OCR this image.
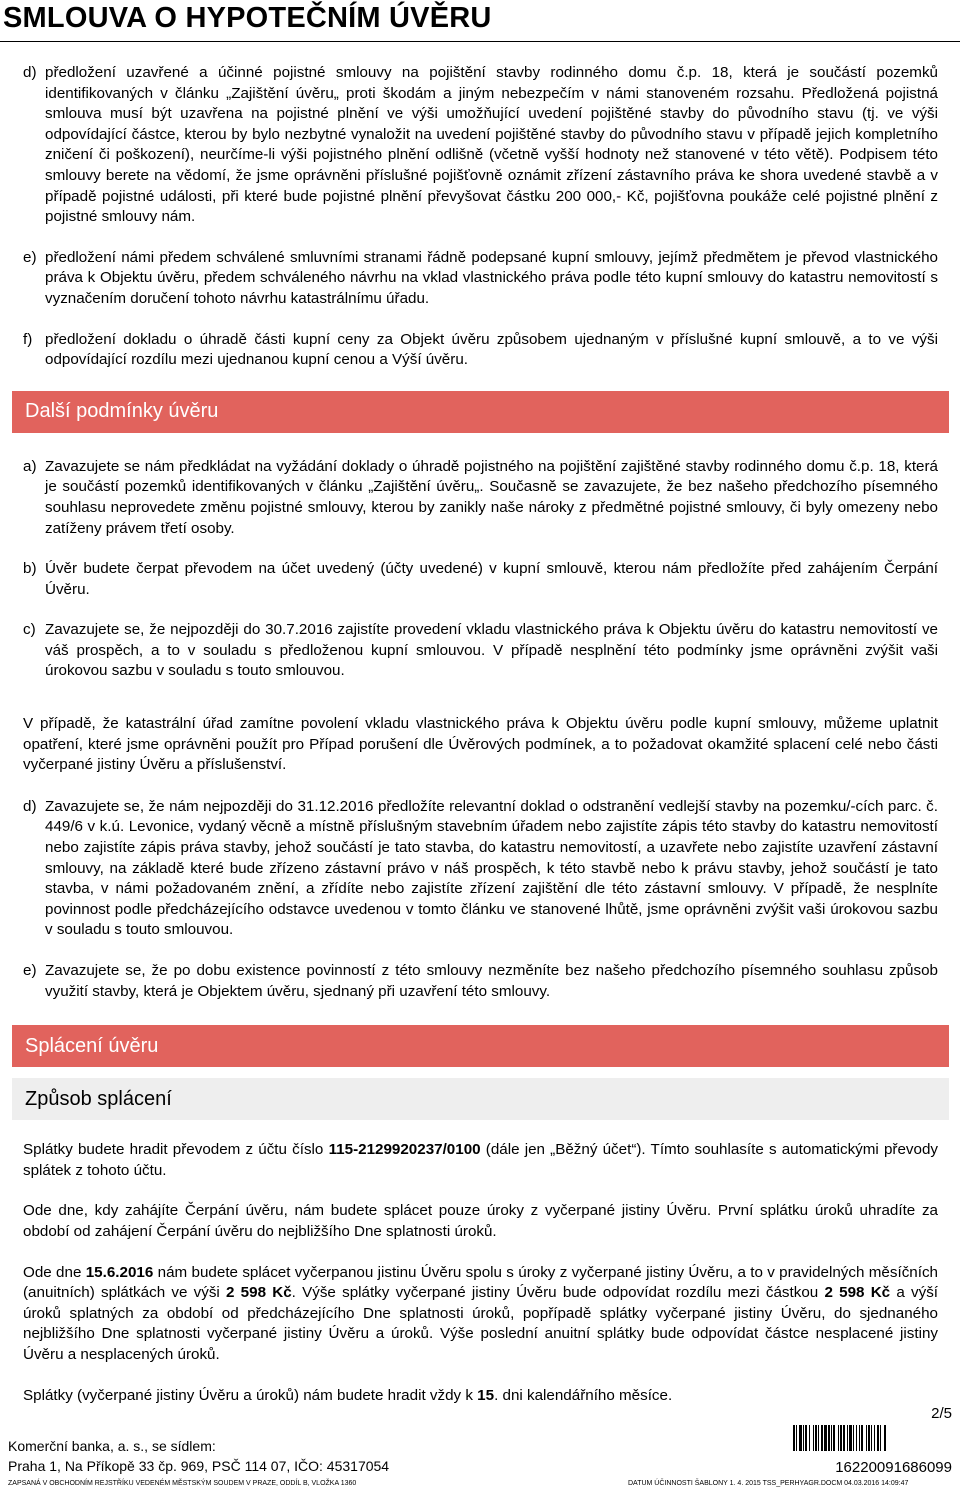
SMLOUVA O HYPOTEČNÍM ÚVĚRU
d) předložení uzavřené a účinné pojistné smlouvy na pojištění stavby rodinného domu č.p. 18, která je součástí pozemků identifikovaných v článku „Zajištění úvěru„ proti škodám a jiným nebezpečím v námi stanoveném rozsahu. Předložená pojistná smlouva musí být uzavřena na pojistné plnění ve výši umožňující uvedení pojištěné stavby do původního stavu (tj. ve výši odpovídající částce, kterou by bylo nezbytné vynaložit na uvedení pojištěné stavby do původního stavu v případě jejich kompletního zničení či poškození), neurčíme-li výši pojistného plnění odlišně (včetně vyšší hodnoty než stanovené v této větě). Podpisem této smlouvy berete na vědomí, že jsme oprávněni příslušné pojišťovně oznámit zřízení zástavního práva ke shora uvedené stavbě a v případě pojistné události, při které bude pojistné plnění převyšovat částku 200 000,- Kč, pojišťovna poukáže celé pojistné plnění z pojistné smlouvy nám.

e) předložení námi předem schválené smluvními stranami řádně podepsané kupní smlouvy, jejímž předmětem je převod vlastnického práva k Objektu úvěru, předem schváleného návrhu na vklad vlastnického práva podle této kupní smlouvy do katastru nemovitostí s vyznačením doručení tohoto návrhu katastrálnímu úřadu.

f) předložení dokladu o úhradě části kupní ceny za Objekt úvěru způsobem ujednaným v příslušné kupní smlouvě, a to ve výši odpovídající rozdílu mezi ujednanou kupní cenou a Výší úvěru.

Další podmínky úvěru
a) Zavazujete se nám předkládat na vyžádání doklady o úhradě pojistného na pojištění zajištěné stavby rodinného domu č.p. 18, která je součástí pozemků identifikovaných v článku „Zajištění úvěru„. Současně se zavazujete, že bez našeho předchozího písemného souhlasu neprovedete změnu pojistné smlouvy, kterou by zanikly naše nároky z předmětné pojistné smlouvy, či byly omezeny nebo zatíženy právem třetí osoby.

b) Úvěr budete čerpat převodem na účet uvedený (účty uvedené) v kupní smlouvě, kterou nám předložíte před zahájením Čerpání Úvěru.

c) Zavazujete se, že nejpozději do 30.7.2016 zajistíte provedení vkladu vlastnického práva k Objektu úvěru do katastru nemovitostí ve váš prospěch, a to v souladu s předloženou kupní smlouvou. V případě nesplnění této podmínky jsme oprávněni zvýšit vaši úrokovou sazbu v souladu s touto smlouvou.

V případě, že katastrální úřad zamítne povolení vkladu vlastnického práva k Objektu úvěru podle kupní smlouvy, můžeme uplatnit opatření, které jsme oprávněni použít pro Případ porušení dle Úvěrových podmínek, a to požadovat okamžité splacení celé nebo části vyčerpané jistiny Úvěru a příslušenství.

d) Zavazujete se, že nám nejpozději do 31.12.2016 předložíte relevantní doklad o odstranění vedlejší stavby na pozemku/-cích parc. č. 449/6 v k.ú. Levonice, vydaný věcně a místně příslušným stavebním úřadem nebo zajistíte zápis této stavby do katastru nemovitostí nebo zajistíte zápis práva stavby, jehož součástí je tato stavba, do katastru nemovitostí, a uzavřete nebo zajistíte uzavření zástavní smlouvy, na základě které bude zřízeno zástavní právo v náš prospěch, k této stavbě nebo k právu stavby, jehož součástí je tato stavba, v námi požadovaném znění, a zřídíte nebo zajistíte zřízení zajištění dle této zástavní smlouvy. V případě, že nesplníte povinnost podle předcházejícího odstavce uvedenou v tomto článku ve stanovené lhůtě, jsme oprávněni zvýšit vaši úrokovou sazbu v souladu s touto smlouvou.

e) Zavazujete se, že po dobu existence povinností z této smlouvy nezměníte bez našeho předchozího písemného souhlasu způsob využití stavby, která je Objektem úvěru, sjednaný při uzavření této smlouvy.

Splácení úvěru
Způsob splácení

Splátky budete hradit převodem z účtu číslo 115-2129920237/0100 (dále jen „Běžný účet“). Tímto souhlasíte s automatickými převody splátek z tohoto účtu.

Ode dne, kdy zahájíte Čerpání úvěru, nám budete splácet pouze úroky z vyčerpané jistiny Úvěru. První splátku úroků uhradíte za období od zahájení Čerpání úvěru do nejbližšího Dne splatnosti úroků.

Ode dne 15.6.2016 nám budete splácet vyčerpanou jistinu Úvěru spolu s úroky z vyčerpané jistiny Úvěru, a to v pravidelných měsíčních (anuitních) splátkách ve výši 2 598 Kč. Výše splátky vyčerpané jistiny Úvěru bude odpovídat rozdílu mezi částkou 2 598 Kč a výší úroků splatných za období od předcházejícího Dne splatnosti úroků, popřípadě splátky vyčerpané jistiny Úvěru, do sjednaného nejbližšího Dne splatnosti vyčerpané jistiny Úvěru a úroků. Výše poslední anuitní splátky bude odpovídat částce nesplacené jistiny Úvěru a nesplacených úroků.

Splátky (vyčerpané jistiny Úvěru a úroků) nám budete hradit vždy k 15. dni kalendářního měsíce.

2/5
Komerční banka, a. s., se sídlem:
Praha 1, Na Příkopě 33 čp. 969, PSČ 114 07, IČO: 45317054
ZAPSANÁ V OBCHODNÍM REJSTŘÍKU VEDENÉM MĚSTSKÝM SOUDEM V PRAZE, ODDÍL B, VLOŽKA 1360	DATUM ÚČINNOSTI ŠABLONY 1. 4. 2015 TSS_PERHYAGR.DOCM 04.03.2016 14:09:47
16220091686099
